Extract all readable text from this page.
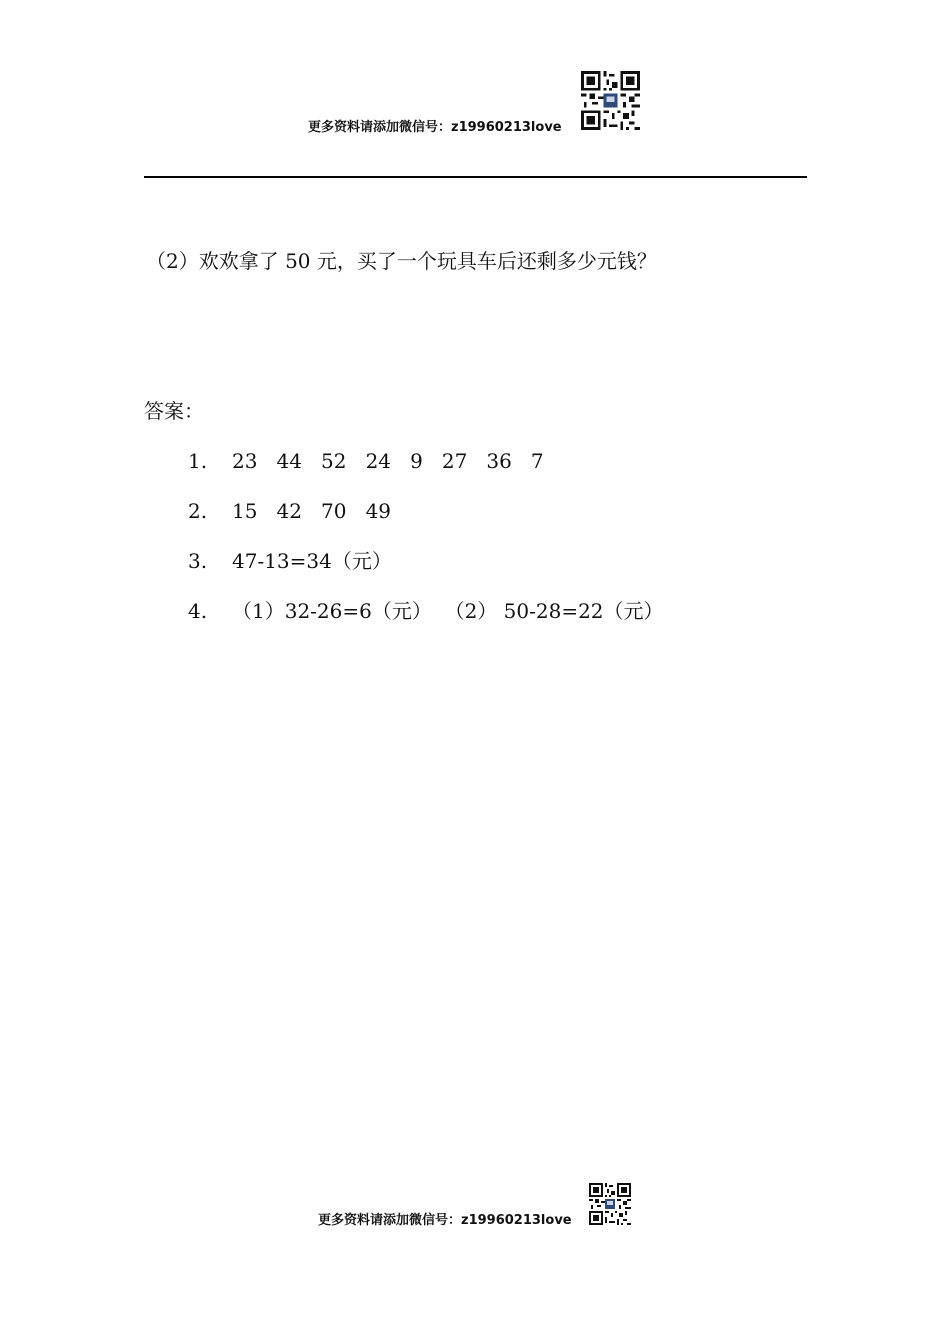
更多资料请添加微信号：z19960213love
（2）欢欢拿了 50 元，买了一个玩具车后还剩多少元钱？
答案：
1. 23   44   52   24   9   27   36   7
2. 15   42   70   49
3. 47-13=34（元）
4. （1）32-26=6（元）  （2） 50-28=22（元）
更多资料请添加微信号：z19960213love
